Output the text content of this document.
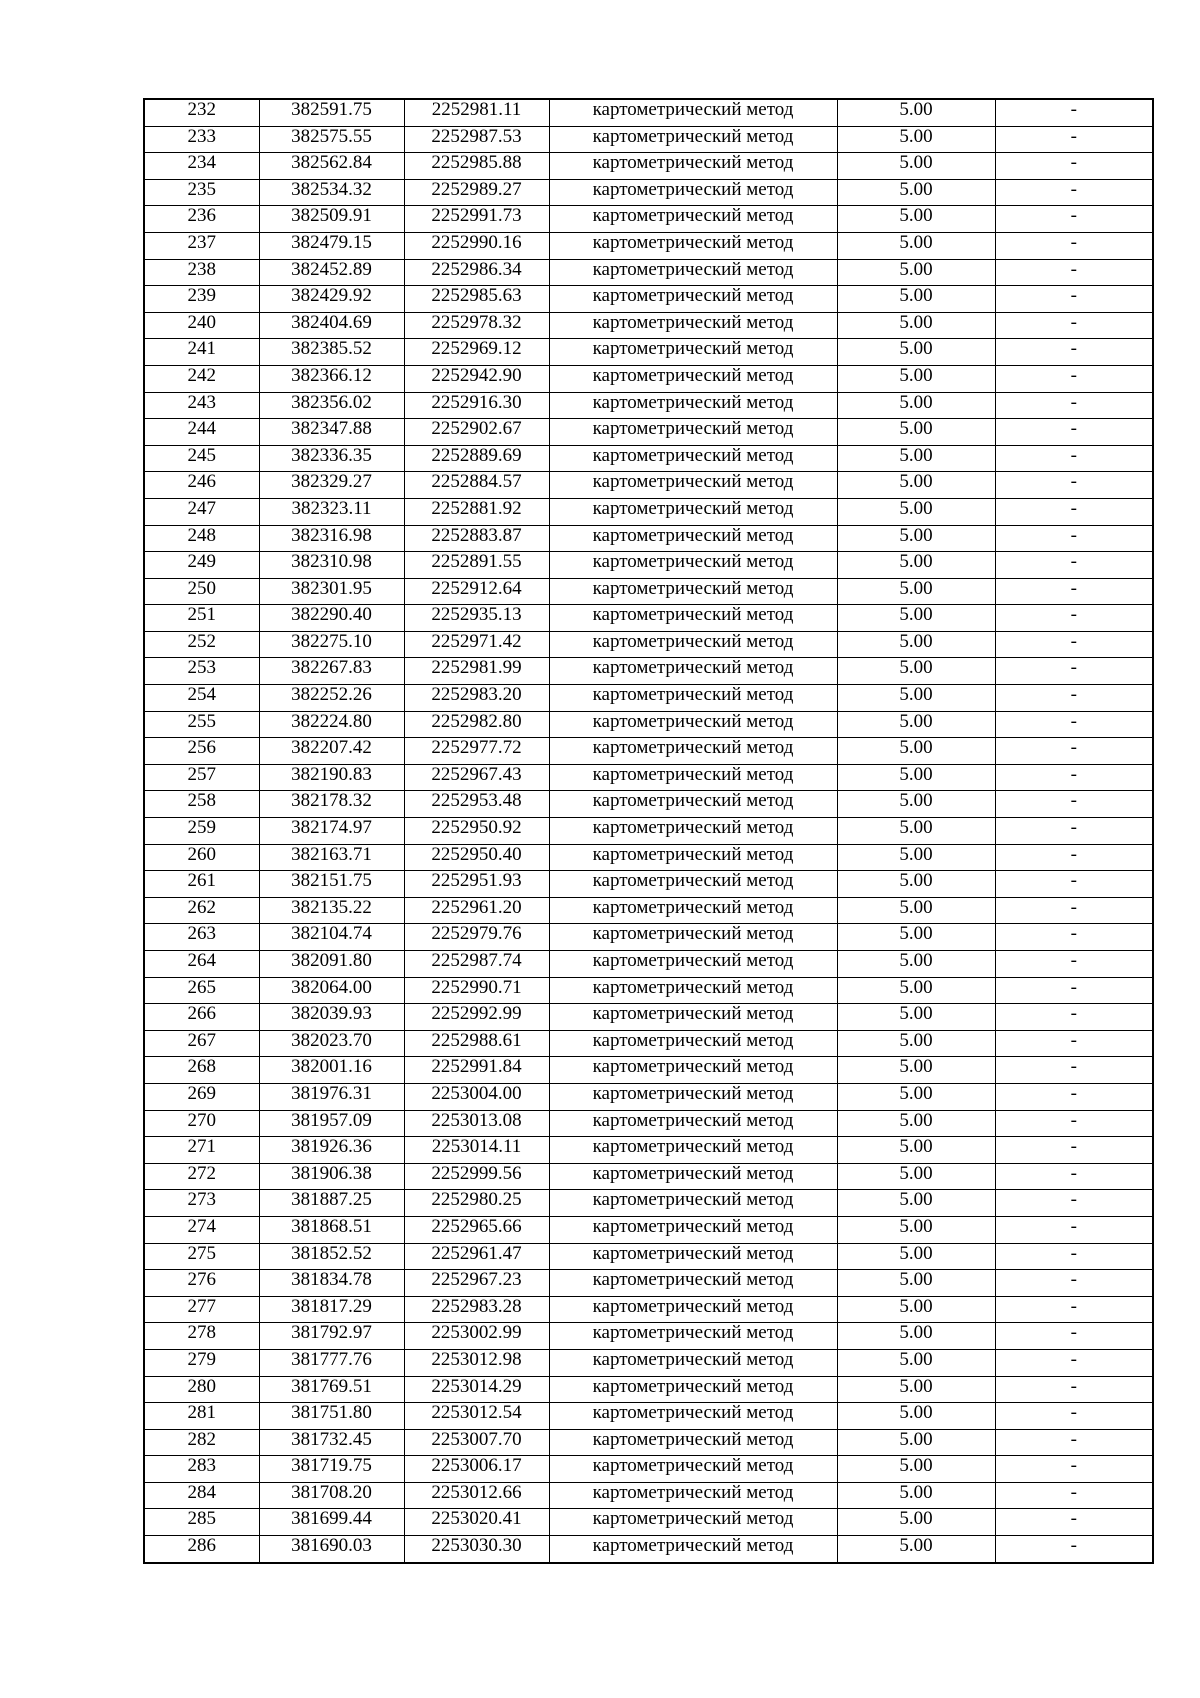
232	382591.75	2252981.11	картометрический метод	5.00	-
233	382575.55	2252987.53	картометрический метод	5.00	-
234	382562.84	2252985.88	картометрический метод	5.00	-
235	382534.32	2252989.27	картометрический метод	5.00	-
236	382509.91	2252991.73	картометрический метод	5.00	-
237	382479.15	2252990.16	картометрический метод	5.00	-
238	382452.89	2252986.34	картометрический метод	5.00	-
239	382429.92	2252985.63	картометрический метод	5.00	-
240	382404.69	2252978.32	картометрический метод	5.00	-
241	382385.52	2252969.12	картометрический метод	5.00	-
242	382366.12	2252942.90	картометрический метод	5.00	-
243	382356.02	2252916.30	картометрический метод	5.00	-
244	382347.88	2252902.67	картометрический метод	5.00	-
245	382336.35	2252889.69	картометрический метод	5.00	-
246	382329.27	2252884.57	картометрический метод	5.00	-
247	382323.11	2252881.92	картометрический метод	5.00	-
248	382316.98	2252883.87	картометрический метод	5.00	-
249	382310.98	2252891.55	картометрический метод	5.00	-
250	382301.95	2252912.64	картометрический метод	5.00	-
251	382290.40	2252935.13	картометрический метод	5.00	-
252	382275.10	2252971.42	картометрический метод	5.00	-
253	382267.83	2252981.99	картометрический метод	5.00	-
254	382252.26	2252983.20	картометрический метод	5.00	-
255	382224.80	2252982.80	картометрический метод	5.00	-
256	382207.42	2252977.72	картометрический метод	5.00	-
257	382190.83	2252967.43	картометрический метод	5.00	-
258	382178.32	2252953.48	картометрический метод	5.00	-
259	382174.97	2252950.92	картометрический метод	5.00	-
260	382163.71	2252950.40	картометрический метод	5.00	-
261	382151.75	2252951.93	картометрический метод	5.00	-
262	382135.22	2252961.20	картометрический метод	5.00	-
263	382104.74	2252979.76	картометрический метод	5.00	-
264	382091.80	2252987.74	картометрический метод	5.00	-
265	382064.00	2252990.71	картометрический метод	5.00	-
266	382039.93	2252992.99	картометрический метод	5.00	-
267	382023.70	2252988.61	картометрический метод	5.00	-
268	382001.16	2252991.84	картометрический метод	5.00	-
269	381976.31	2253004.00	картометрический метод	5.00	-
270	381957.09	2253013.08	картометрический метод	5.00	-
271	381926.36	2253014.11	картометрический метод	5.00	-
272	381906.38	2252999.56	картометрический метод	5.00	-
273	381887.25	2252980.25	картометрический метод	5.00	-
274	381868.51	2252965.66	картометрический метод	5.00	-
275	381852.52	2252961.47	картометрический метод	5.00	-
276	381834.78	2252967.23	картометрический метод	5.00	-
277	381817.29	2252983.28	картометрический метод	5.00	-
278	381792.97	2253002.99	картометрический метод	5.00	-
279	381777.76	2253012.98	картометрический метод	5.00	-
280	381769.51	2253014.29	картометрический метод	5.00	-
281	381751.80	2253012.54	картометрический метод	5.00	-
282	381732.45	2253007.70	картометрический метод	5.00	-
283	381719.75	2253006.17	картометрический метод	5.00	-
284	381708.20	2253012.66	картометрический метод	5.00	-
285	381699.44	2253020.41	картометрический метод	5.00	-
286	381690.03	2253030.30	картометрический метод	5.00	-
